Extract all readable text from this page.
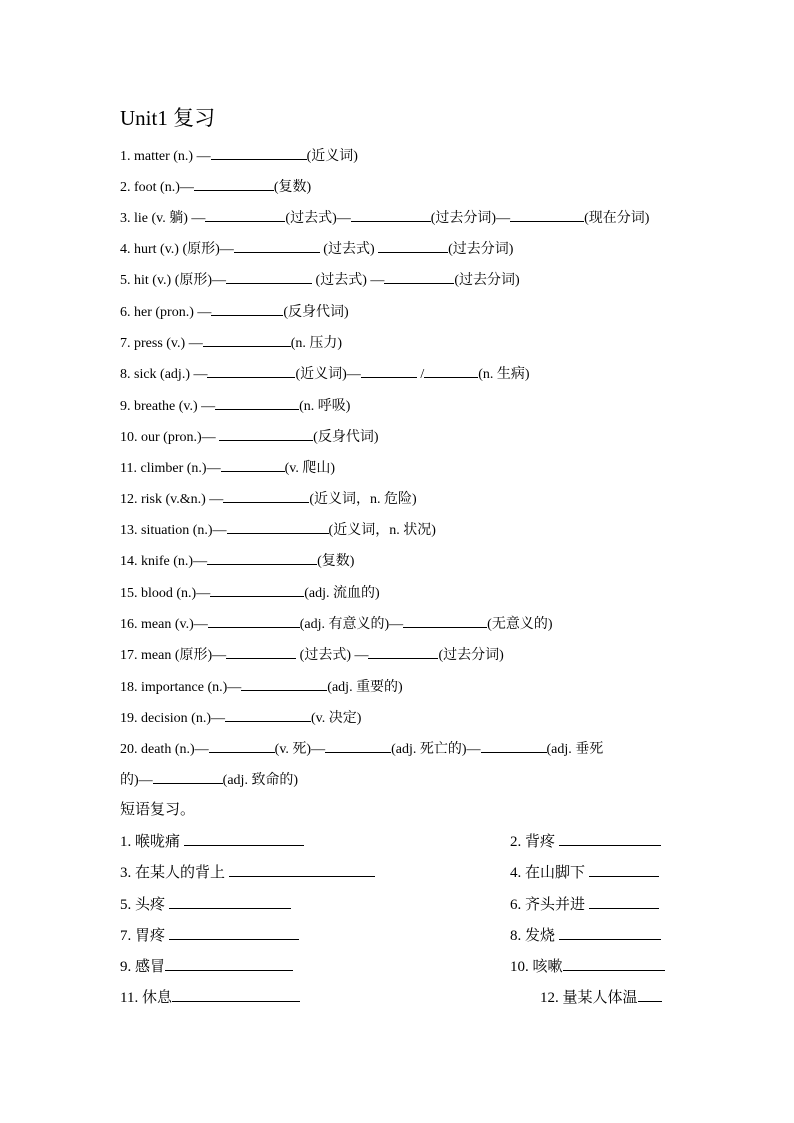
Unit1 复习
1. matter (n.) —	(近义词)
2. foot (n.)—	(复数)
3. lie (v. 躺) —	(过去式)—	(过去分词)—	(现在分词)
4. hurt (v.) (原形)—	(过去式)	(过去分词)
5. hit (v.) (原形)—	(过去式) —	(过去分词)
6. her (pron.) —	(反身代词)
7. press (v.) —	(n. 压力)
8. sick (adj.) —	(近义词)—	/	(n. 生病)
9. breathe (v.) —	(n. 呼吸)
10. our (pron.)—	(反身代词)
11. climber (n.)—	(v. 爬山)
12. risk (v.&n.) —	(近义词，n. 危险)
13. situation (n.)—	(近义词，n. 状况)
14. knife (n.)—	(复数)
15. blood (n.)—	(adj. 流血的)
16. mean (v.)—	(adj. 有意义的)—	(无意义的)
17. mean (原形)—	(过去式) —	(过去分词)
18. importance (n.)—	(adj. 重要的)
19. decision (n.)—	(v. 决定)
20. death (n.)—	(v. 死)—	(adj. 死亡的)—	(adj. 垂死
的)—	(adj. 致命的)
短语复习。
1. 喉咙痛	2. 背疼
3. 在某人的背上	4. 在山脚下
5. 头疼	6. 齐头并进
7. 胃疼	8. 发烧
9. 感冒	10. 咳嗽
11. 休息	12. 量某人体温
